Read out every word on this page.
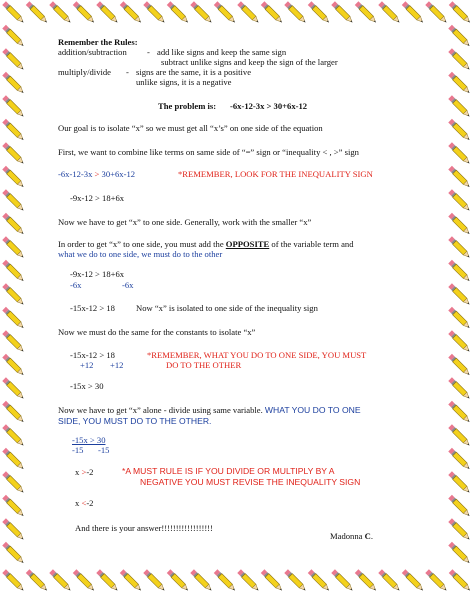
Remember the Rules:
addition/subtraction - add like signs and keep the same sign
subtract unlike signs and keep the sign of the larger
multiply/divide - signs are the same, it is a positive
unlike signs, it is a negative
The problem is: -6x-12-3x > 30+6x-12
Our goal is to isolate “x” so we must get all “x’s” on one side of the equation
First, we want to combine like terms on same side of “=” sign or “inequality < , >” sign
-6x-12-3x > 30+6x-12	*REMEMBER, LOOK FOR THE INEQUALITY SIGN
-9x-12 > 18+6x
Now we have to get “x” to one side. Generally, work with the smaller “x”
In order to get “x” to one side, you must add the OPPOSITE of the variable term and
what we do to one side, we must do to the other
-9x-12 > 18+6x
-6x	-6x
-15x-12 > 18 Now “x” is isolated to one side of the inequality sign
Now we must do the same for the constants to isolate “x”
-15x-12 > 18
+12 +12
*REMEMBER, WHAT YOU DO TO ONE SIDE, YOU MUST
DO TO THE OTHER
-15x > 30
Now we have to get “x” alone - divide using same variable. WHAT YOU DO TO ONE
SIDE, YOU MUST DO TO THE OTHER.
-15x > 30
-15 -15
x >-2	*A MUST RULE IS IF YOU DIVIDE OR MULTIPLY BY A
NEGATIVE YOU MUST REVISE THE INEQUALITY SIGN
x <-2
And there is your answer!!!!!!!!!!!!!!!!!!
Madonna C.
